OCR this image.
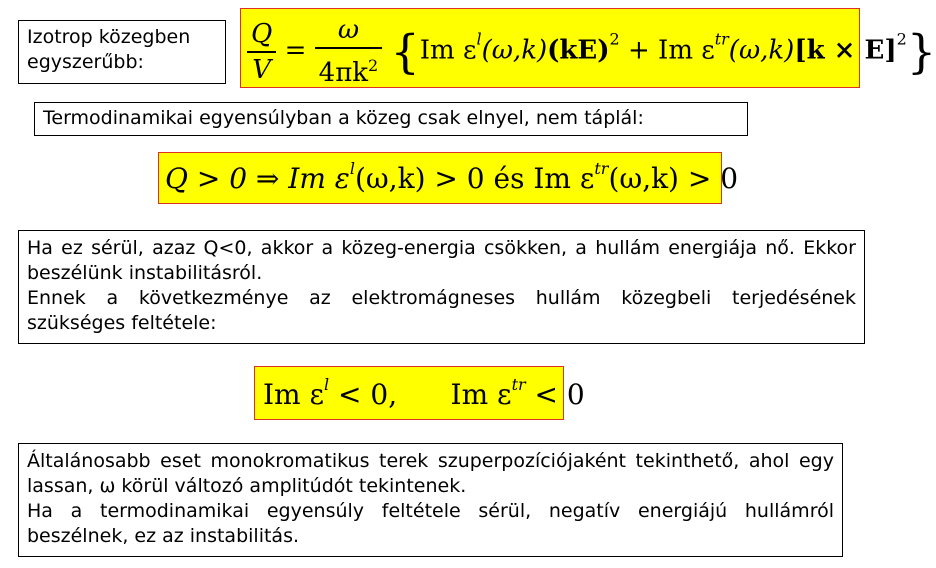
Izotrop közegben egyszerűbb:	$\frac{Q}{V} = \frac{\omega}{4\pi k^2} \{Im$ $\varepsilon^l(\omega,k)(kE)^2 + Im$ $\varepsilon^{tr}(\omega,k)[k \times E]^2$}
Termodinamikai egyensúlyban a közeg csak elnyel, nem táplál:
Q > 0 ⇒ Im $\varepsilon^l(\omega,k) > 0$ és Im $\varepsilon^{tr}(\omega,k) > 0$
Ha ez sérül, azaz Q<0, akkor a közeg-energia csökken, a hullám energiája nő. Ekkor beszélünk instabilitásról.
Ennek a következménye az elektromágneses hullám közegbeli terjedésének szükséges feltétele:
Im $\varepsilon^l < 0$,      Im $\varepsilon^{tr} < 0$
Általánosabb eset monokromatikus terek szuperpozíciójaként tekinthető, ahol egy lassan, ω körül változó amplitúdót tekintenek.
Ha a termodinamikai egyensúly feltétele sérül, negatív energiájú hullámról beszélnek, ez az instabilitás.
